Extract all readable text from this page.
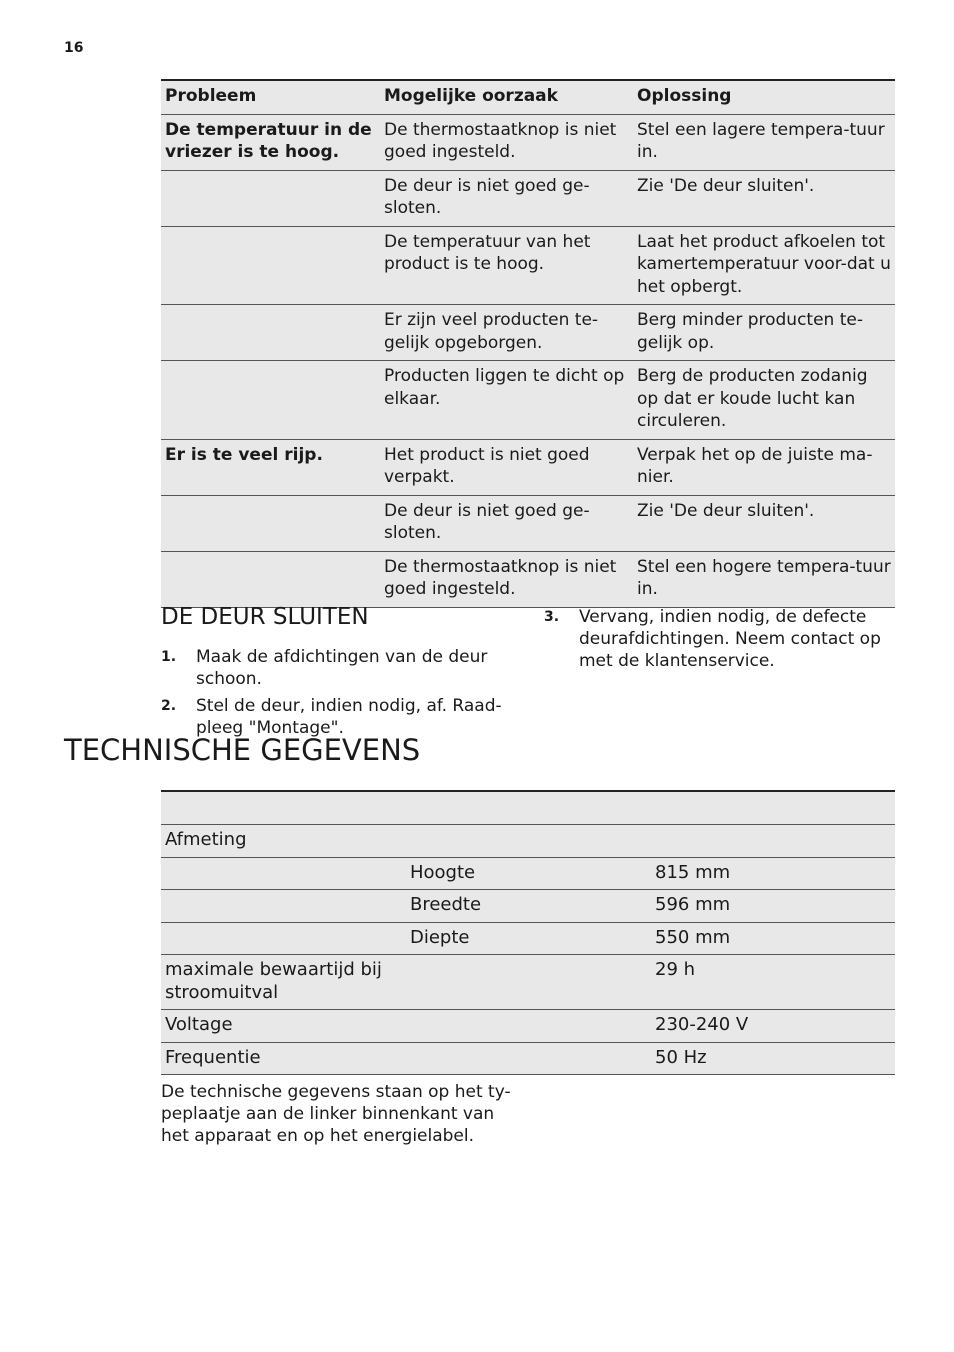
16
Probleem	Mogelijke oorzaak	Oplossing
De temperatuur in de vriezer is te hoog.	De thermostaatknop is niet goed ingesteld.	Stel een lagere tempera-tuur in.
	De deur is niet goed ge-sloten.	Zie 'De deur sluiten'.
	De temperatuur van het product is te hoog.	Laat het product afkoelen tot kamertemperatuur voor-dat u het opbergt.
	Er zijn veel producten te-gelijk opgeborgen.	Berg minder producten te-gelijk op.
	Producten liggen te dicht op elkaar.	Berg de producten zodanig op dat er koude lucht kan circuleren.
Er is te veel rijp.	Het product is niet goed verpakt.	Verpak het op de juiste ma-nier.
	De deur is niet goed ge-sloten.	Zie 'De deur sluiten'.
	De thermostaatknop is niet goed ingesteld.	Stel een hogere tempera-tuur in.
DE DEUR SLUITEN
1. Maak de afdichtingen van de deur schoon.
2. Stel de deur, indien nodig, af. Raad-pleeg "Montage".
3. Vervang, indien nodig, de defecte deurafdichtingen. Neem contact op met de klantenservice.
TECHNISCHE GEGEVENS

Afmeting		
	Hoogte	815 mm
	Breedte	596 mm
	Diepte	550 mm
maximale bewaartijd bij stroomuitval		29 h
Voltage		230-240 V
Frequentie		50 Hz

De technische gegevens staan op het ty-peplaatje aan de linker binnenkant van het apparaat en op het energielabel.
